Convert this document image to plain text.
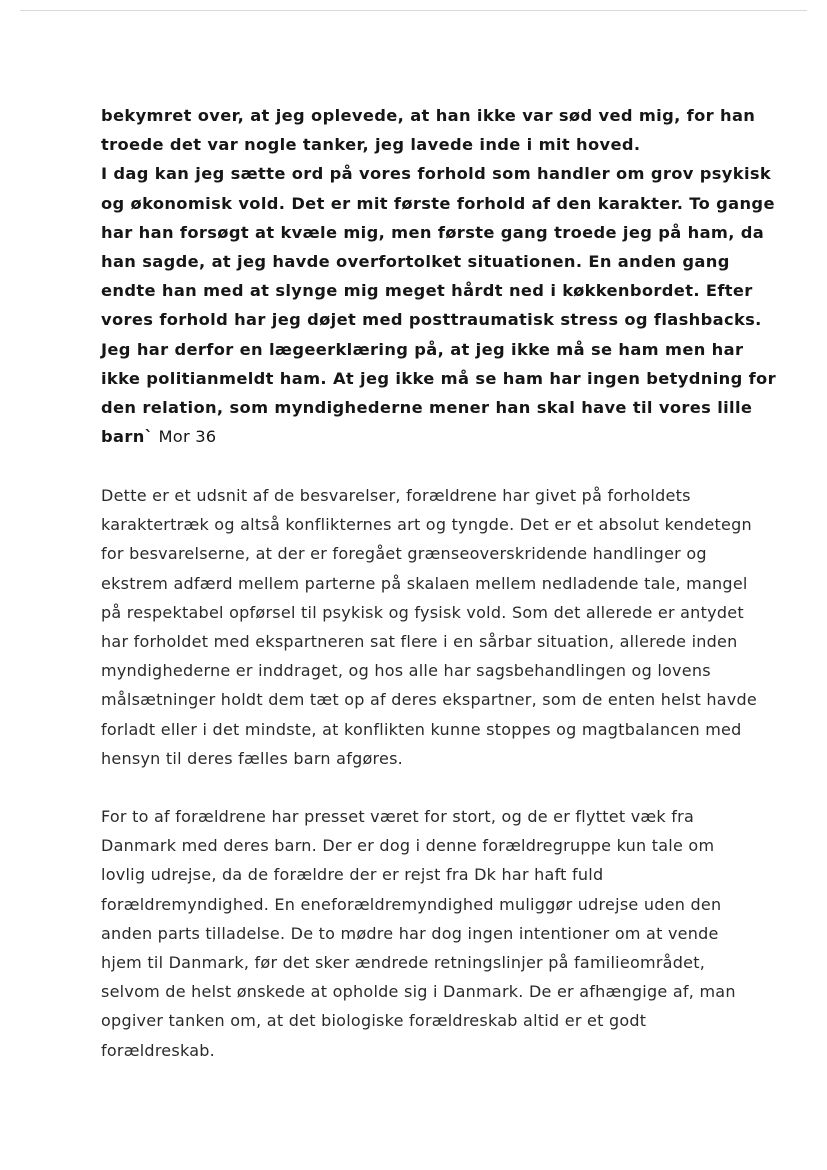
bekymret over, at jeg oplevede, at han ikke var sød ved mig, for han
troede det var nogle tanker, jeg lavede inde i mit hoved.
I dag kan jeg sætte ord på vores forhold som handler om grov psykisk
og økonomisk vold. Det er mit første forhold af den karakter. To gange
har han forsøgt at kvæle mig, men første gang troede jeg på ham, da
han sagde, at jeg havde overfortolket situationen. En anden gang
endte han med at slynge mig meget hårdt ned i køkkenbordet. Efter
vores forhold har jeg døjet med posttraumatisk stress og flashbacks.
Jeg har derfor en lægeerklæring på, at jeg ikke må se ham men har
ikke politianmeldt ham. At jeg ikke må se ham har ingen betydning for
den relation, som myndighederne mener han skal have til vores lille
barn` Mor 36

Dette er et udsnit af de besvarelser, forældrene har givet på forholdets
karaktertræk og altså konflikternes art og tyngde. Det er et absolut kendetegn
for besvarelserne, at der er foregået grænseoverskridende handlinger og
ekstrem adfærd mellem parterne på skalaen mellem nedladende tale, mangel
på respektabel opførsel til psykisk og fysisk vold. Som det allerede er antydet
har forholdet med ekspartneren sat flere i en sårbar situation, allerede inden
myndighederne er inddraget, og hos alle har sagsbehandlingen og lovens
målsætninger holdt dem tæt op af deres ekspartner, som de enten helst havde
forladt eller i det mindste, at konflikten kunne stoppes og magtbalancen med
hensyn til deres fælles barn afgøres.

For to af forældrene har presset været for stort, og de er flyttet væk fra
Danmark med deres barn. Der er dog i denne forældregruppe kun tale om
lovlig udrejse, da de forældre der er rejst fra Dk har haft fuld
forældremyndighed. En eneforældremyndighed muliggør udrejse uden den
anden parts tilladelse. De to mødre har dog ingen intentioner om at vende
hjem til Danmark, før det sker ændrede retningslinjer på familieområdet,
selvom de helst ønskede at opholde sig i Danmark. De er afhængige af, man
opgiver tanken om, at det biologiske forældreskab altid er et godt
forældreskab.
